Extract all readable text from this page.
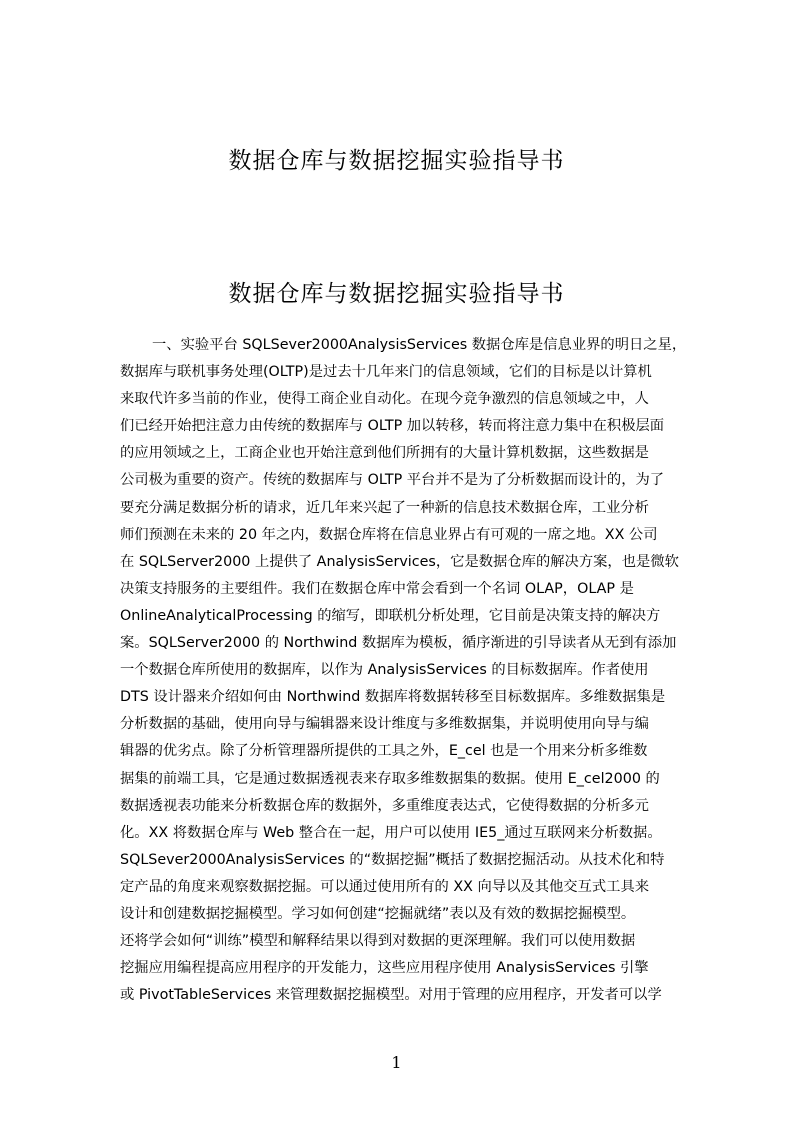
数据仓库与数据挖掘实验指导书
数据仓库与数据挖掘实验指导书
一、实验平台 SQLSever2000AnalysisServices 数据仓库是信息业界的明日之星，
数据库与联机事务处理(OLTP)是过去十几年来门的信息领域，它们的目标是以计算机
来取代许多当前的作业，使得工商企业自动化。在现今竞争激烈的信息领域之中，人
们已经开始把注意力由传统的数据库与 OLTP 加以转移，转而将注意力集中在积极层面
的应用领域之上，工商企业也开始注意到他们所拥有的大量计算机数据，这些数据是
公司极为重要的资产。传统的数据库与 OLTP 平台并不是为了分析数据而设计的，为了
要充分满足数据分析的请求，近几年来兴起了一种新的信息技术数据仓库，工业分析
师们预测在未来的 20 年之内，数据仓库将在信息业界占有可观的一席之地。XX 公司
在 SQLServer2000 上提供了 AnalysisServices，它是数据仓库的解决方案，也是微软
决策支持服务的主要组件。我们在数据仓库中常会看到一个名词 OLAP，OLAP 是
OnlineAnalyticalProcessing 的缩写，即联机分析处理，它目前是决策支持的解决方
案。SQLServer2000 的 Northwind 数据库为模板，循序渐进的引导读者从无到有添加
一个数据仓库所使用的数据库，以作为 AnalysisServices 的目标数据库。作者使用
DTS 设计器来介绍如何由 Northwind 数据库将数据转移至目标数据库。多维数据集是
分析数据的基础，使用向导与编辑器来设计维度与多维数据集，并说明使用向导与编
辑器的优劣点。除了分析管理器所提供的工具之外，E_cel 也是一个用来分析多维数
据集的前端工具，它是通过数据透视表来存取多维数据集的数据。使用 E_cel2000 的
数据透视表功能来分析数据仓库的数据外，多重维度表达式，它使得数据的分析多元
化。XX 将数据仓库与 Web 整合在一起，用户可以使用 IE5_通过互联网来分析数据。
SQLSever2000AnalysisServices 的“数据挖掘”概括了数据挖掘活动。从技术化和特
定产品的角度来观察数据挖掘。可以通过使用所有的 XX 向导以及其他交互式工具来
设计和创建数据挖掘模型。学习如何创建“挖掘就绪”表以及有效的数据挖掘模型。
还将学会如何“训练”模型和解释结果以得到对数据的更深理解。我们可以使用数据
挖掘应用编程提高应用程序的开发能力，这些应用程序使用 AnalysisServices 引擎
或 PivotTableServices 来管理数据挖掘模型。对用于管理的应用程序，开发者可以学
1
